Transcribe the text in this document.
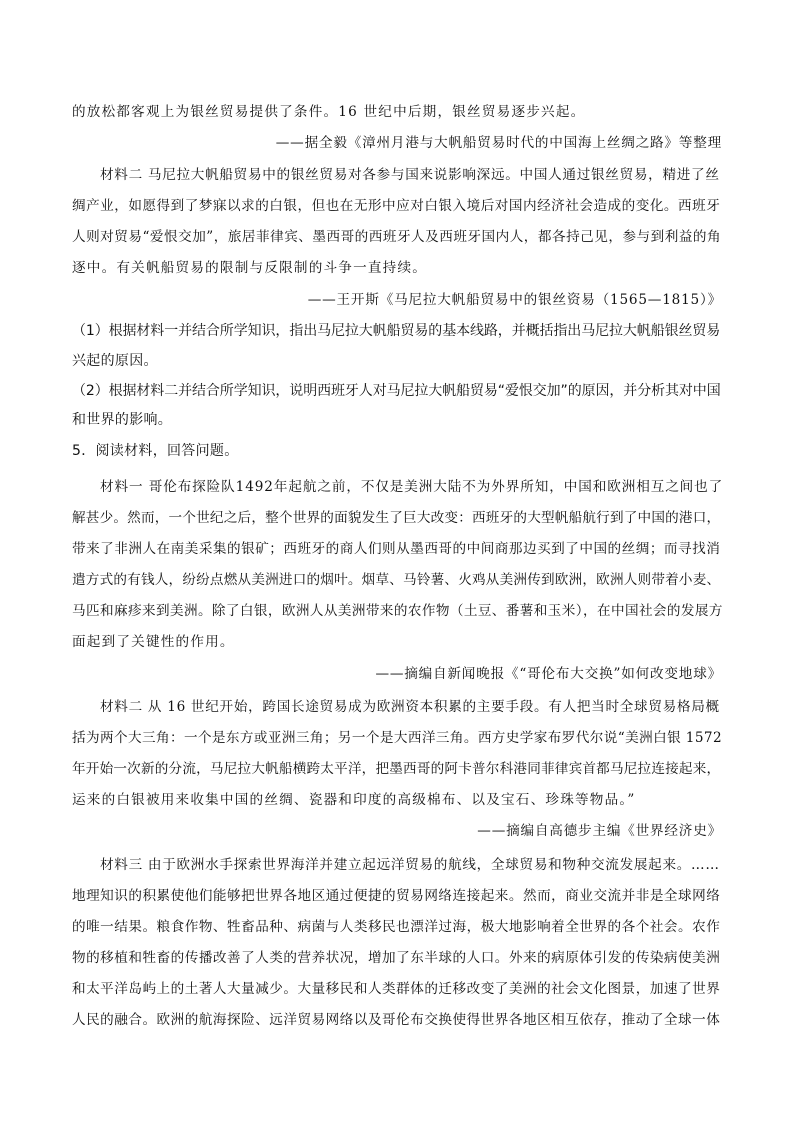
的放松都客观上为银丝贸易提供了条件。16 世纪中后期，银丝贸易逐步兴起。
——据全毅《漳州月港与大帆船贸易时代的中国海上丝绸之路》等整理
材料二 马尼拉大帆船贸易中的银丝贸易对各参与国来说影响深远。中国人通过银丝贸易，精进了丝
绸产业，如愿得到了梦寐以求的白银，但也在无形中应对白银入境后对国内经济社会造成的变化。西班牙
人则对贸易“爱恨交加”，旅居菲律宾、墨西哥的西班牙人及西班牙国内人，都各持己见，参与到利益的角
逐中。有关帆船贸易的限制与反限制的斗争一直持续。
——王开斯《马尼拉大帆船贸易中的银丝资易（1565—1815）》
（1）根据材料一并结合所学知识，指出马尼拉大帆船贸易的基本线路，并概括指出马尼拉大帆船银丝贸易
兴起的原因。
（2）根据材料二并结合所学知识，说明西班牙人对马尼拉大帆船贸易“爱恨交加”的原因，并分析其对中国
和世界的影响。
5．阅读材料，回答问题。
材料一 哥伦布探险队1492年起航之前，不仅是美洲大陆不为外界所知，中国和欧洲相互之间也了
解甚少。然而，一个世纪之后，整个世界的面貌发生了巨大改变：西班牙的大型帆船航行到了中国的港口，
带来了非洲人在南美采集的银矿；西班牙的商人们则从墨西哥的中间商那边买到了中国的丝绸；而寻找消
遣方式的有钱人，纷纷点燃从美洲进口的烟叶。烟草、马铃薯、火鸡从美洲传到欧洲，欧洲人则带着小麦、
马匹和麻疹来到美洲。除了白银，欧洲人从美洲带来的农作物（土豆、番薯和玉米），在中国社会的发展方
面起到了关键性的作用。
——摘编自新闻晚报《“哥伦布大交换”如何改变地球》
材料二 从 16 世纪开始，跨国长途贸易成为欧洲资本积累的主要手段。有人把当时全球贸易格局概
括为两个大三角：一个是东方或亚洲三角；另一个是大西洋三角。西方史学家布罗代尔说“美洲白银 1572
年开始一次新的分流，马尼拉大帆船横跨太平洋，把墨西哥的阿卡普尔科港同菲律宾首都马尼拉连接起来，
运来的白银被用来收集中国的丝绸、瓷器和印度的高级棉布、以及宝石、珍珠等物品。”
——摘编自高德步主编《世界经济史》
材料三 由于欧洲水手探索世界海洋并建立起远洋贸易的航线，全球贸易和物种交流发展起来。……
地理知识的积累使他们能够把世界各地区通过便捷的贸易网络连接起来。然而，商业交流并非是全球网络
的唯一结果。粮食作物、牲畜品种、病菌与人类移民也漂洋过海，极大地影响着全世界的各个社会。农作
物的移植和牲畜的传播改善了人类的营养状况，增加了东半球的人口。外来的病原体引发的传染病使美洲
和太平洋岛屿上的土著人大量减少。大量移民和人类群体的迁移改变了美洲的社会文化图景，加速了世界
人民的融合。欧洲的航海探险、远洋贸易网络以及哥伦布交换使得世界各地区相互依存，推动了全球一体
